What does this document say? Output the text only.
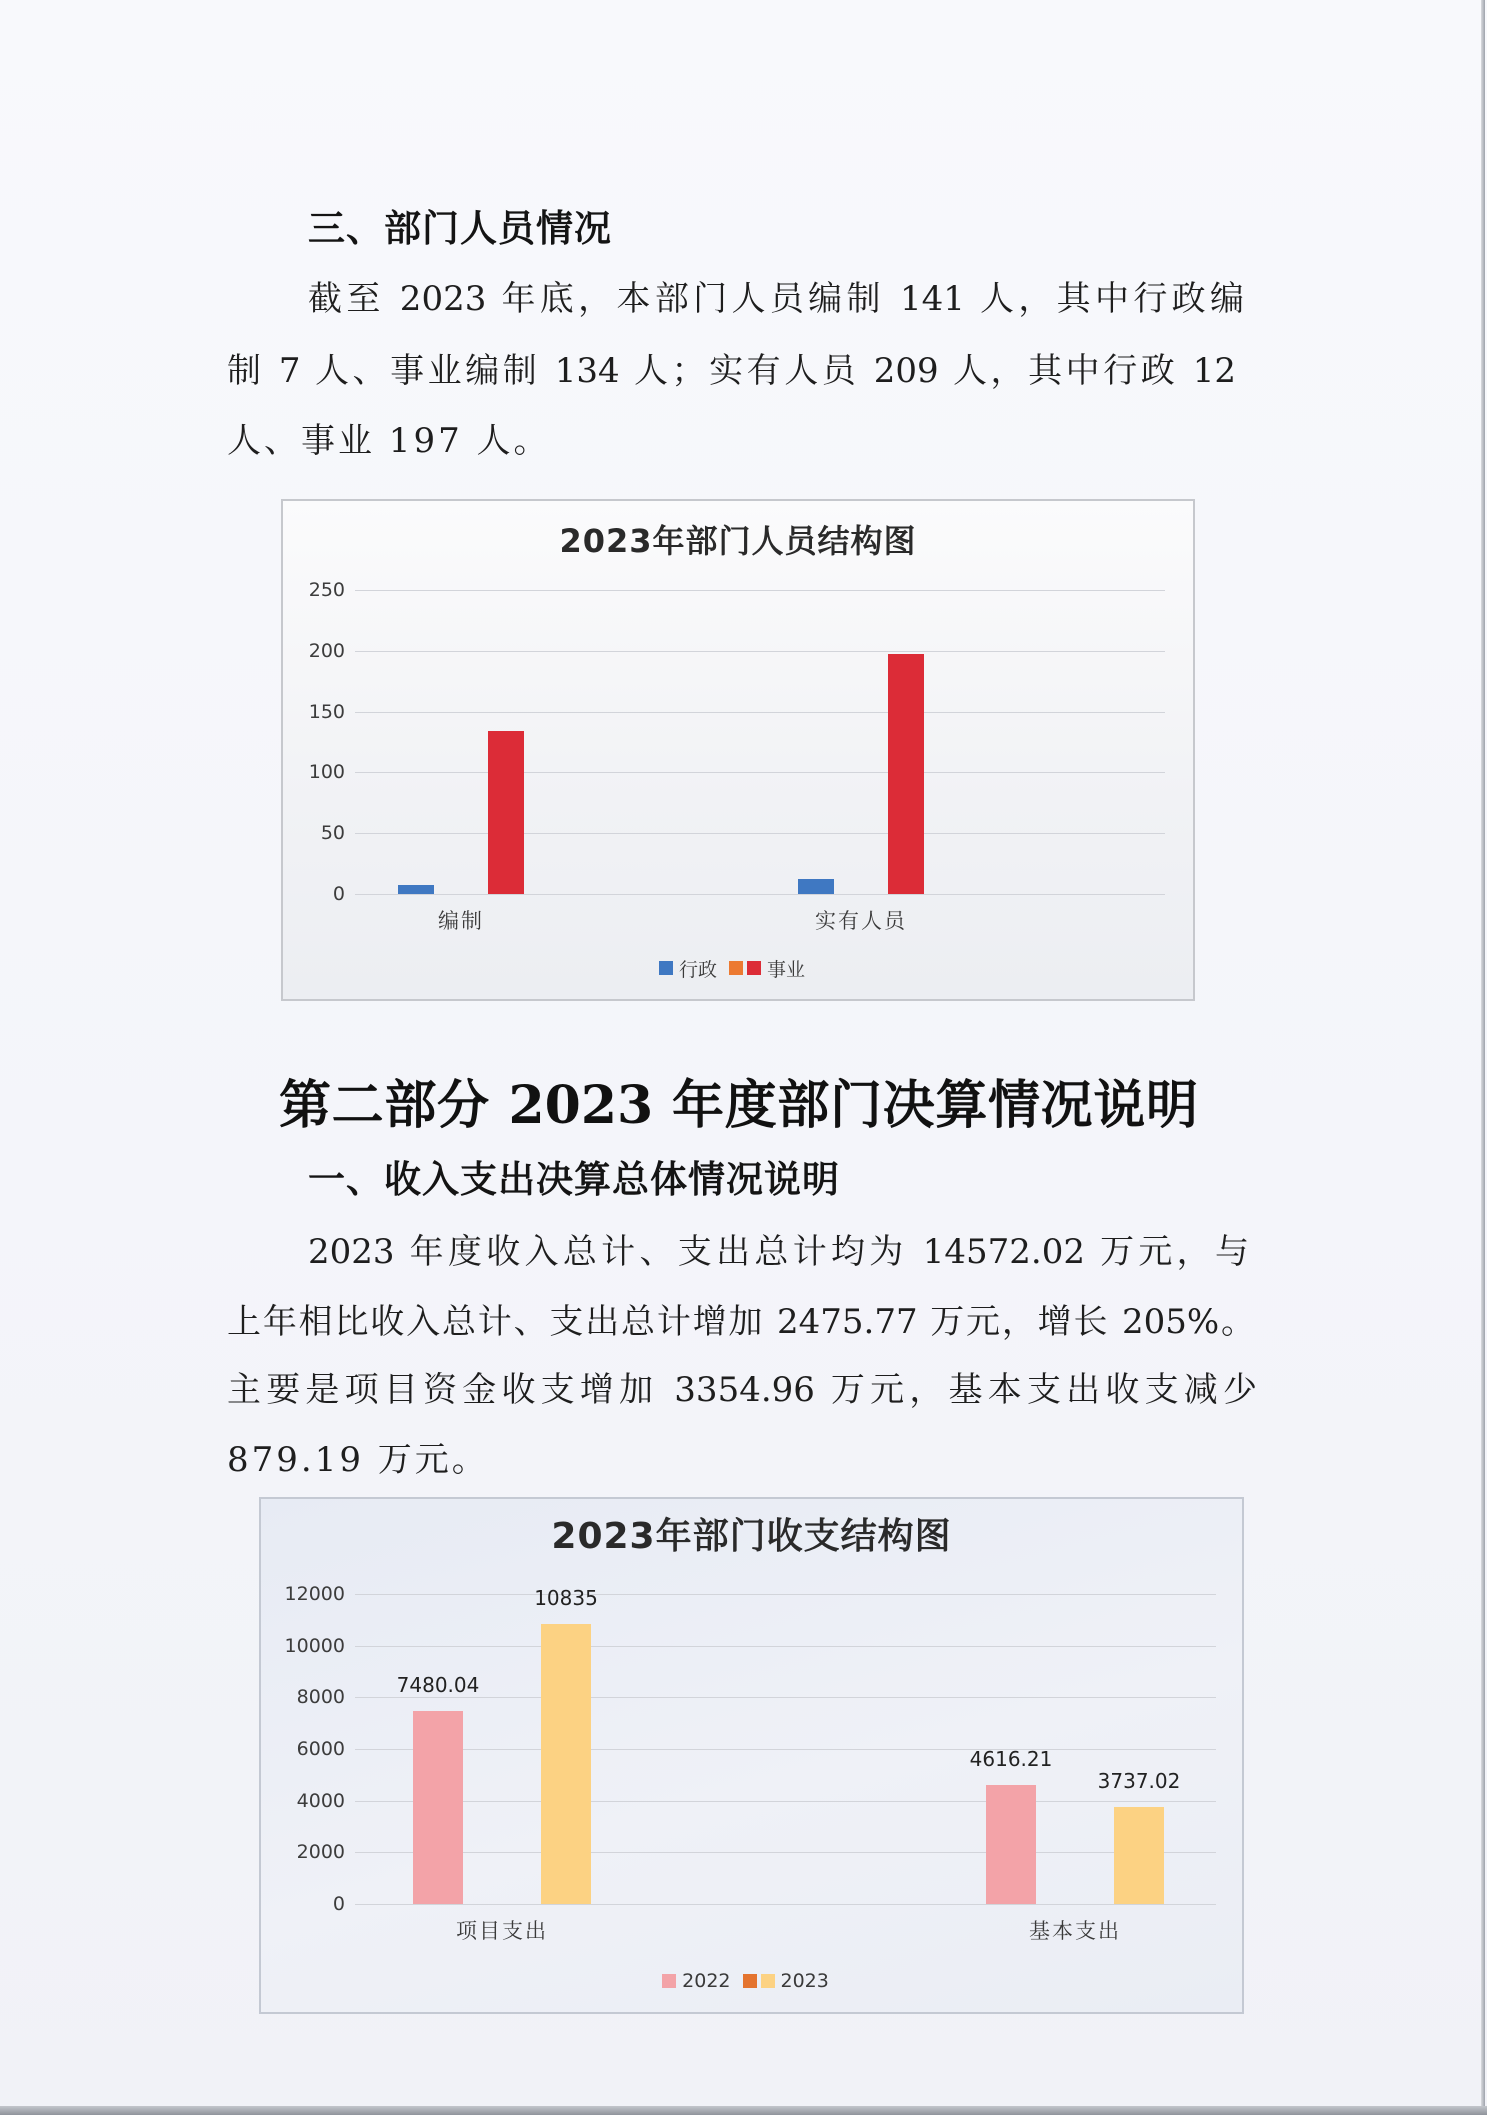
三、部门人员情况
截至 2023 年底，本部门人员编制 141 人，其中行政编
制 7 人、事业编制 134 人；实有人员 209 人，其中行政 12
人、事业 197 人。
2023年部门人员结构图
0
50
100
150
200
250
编制	实有人员
行政	事业
第二部分 2023 年度部门决算情况说明
一、收入支出决算总体情况说明
2023 年度收入总计、支出总计均为 14572.02 万元，与
上年相比收入总计、支出总计增加 2475.77 万元，增长 205%。
主要是项目资金收支增加 3354.96 万元，基本支出收支减少
879.19 万元。
2023年部门收支结构图
0
2000
4000
6000
8000
10000
12000
7480.04
4616.21
10835
3737.02
项目支出	基本支出
2022	2023
